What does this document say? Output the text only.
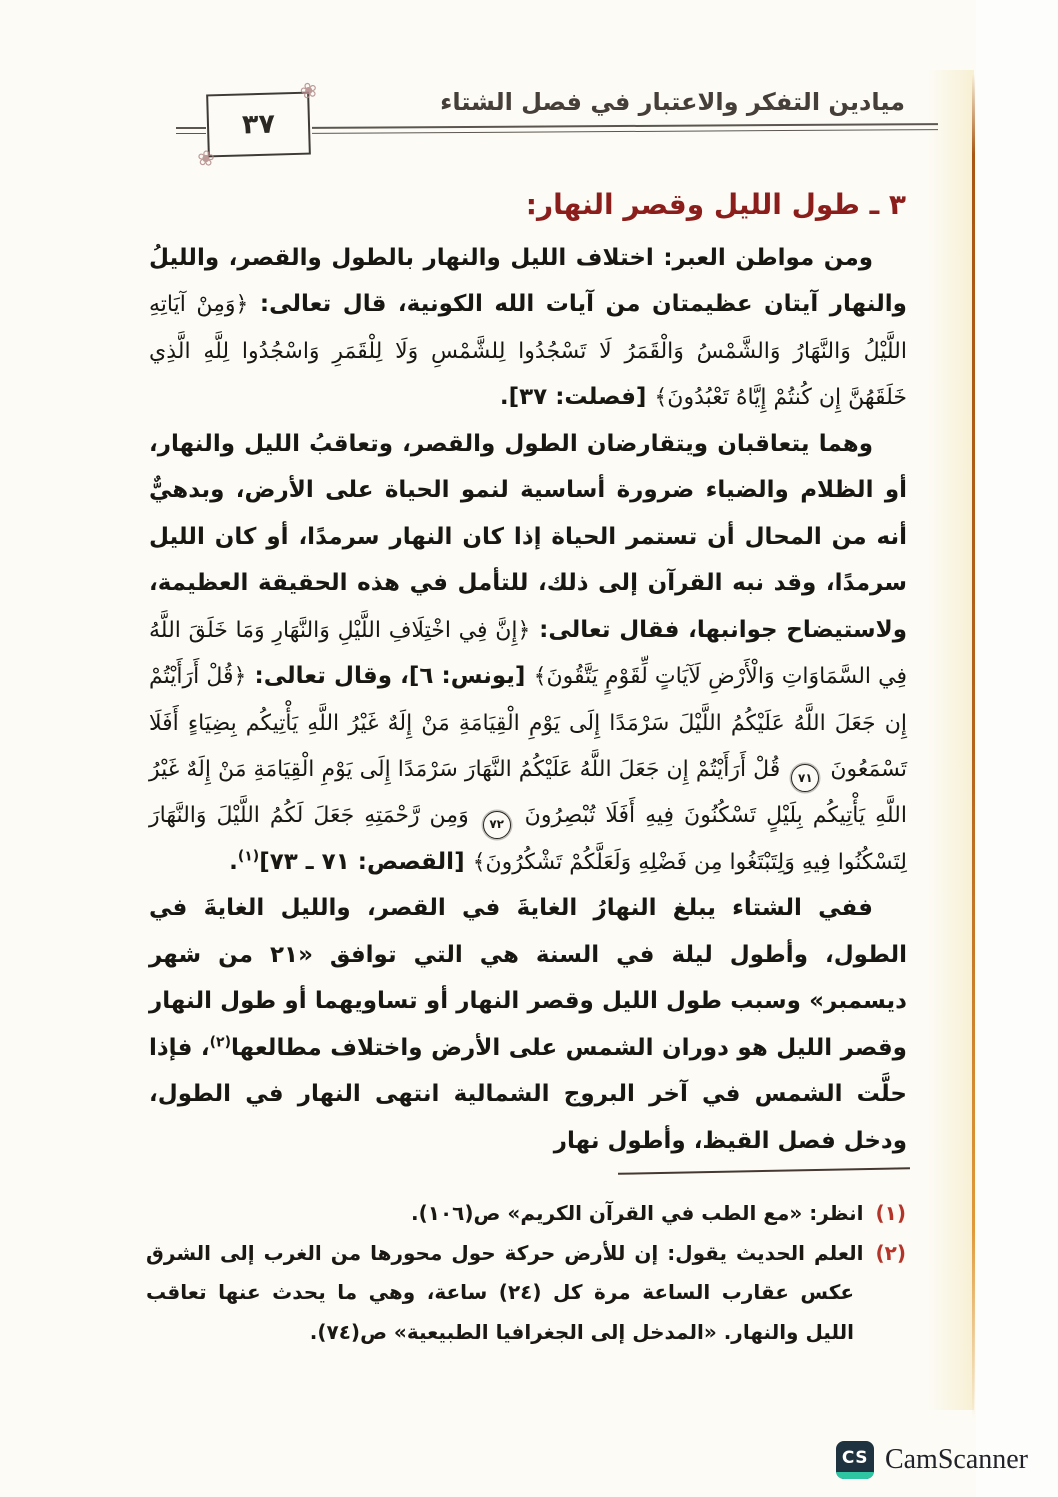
ميادين التفكر والاعتبار في فصل الشتاء
❀
٣٧
❀
٣ ـ طول الليل وقصر النهار:

ومن مواطن العبر: اختلاف الليل والنهار بالطول والقصر، والليلُ والنهار آيتان عظيمتان من آيات الله الكونية، قال تعالى: ﴿وَمِنْ آيَاتِهِ اللَّيْلُ وَالنَّهَارُ وَالشَّمْسُ وَالْقَمَرُ لَا تَسْجُدُوا لِلشَّمْسِ وَلَا لِلْقَمَرِ وَاسْجُدُوا لِلَّهِ الَّذِي خَلَقَهُنَّ إِن كُنتُمْ إِيَّاهُ تَعْبُدُونَ﴾ [فصلت: ٣٧].

وهما يتعاقبان ويتقارضان الطول والقصر، وتعاقبُ الليل والنهار، أو الظلام والضياء ضرورة أساسية لنمو الحياة على الأرض، وبدهيٌّ أنه من المحال أن تستمر الحياة إذا كان النهار سرمدًا، أو كان الليل سرمدًا، وقد نبه القرآن إلى ذلك، للتأمل في هذه الحقيقة العظيمة، ولاستيضاح جوانبها، فقال تعالى: ﴿إِنَّ فِي اخْتِلَافِ اللَّيْلِ وَالنَّهَارِ وَمَا خَلَقَ اللَّهُ فِي السَّمَاوَاتِ وَالْأَرْضِ لَآيَاتٍ لِّقَوْمٍ يَتَّقُونَ﴾ [يونس: ٦]، وقال تعالى: ﴿قُلْ أَرَأَيْتُمْ إِن جَعَلَ اللَّهُ عَلَيْكُمُ اللَّيْلَ سَرْمَدًا إِلَى يَوْمِ الْقِيَامَةِ مَنْ إِلَهٌ غَيْرُ اللَّهِ يَأْتِيكُم بِضِيَاءٍ أَفَلَا تَسْمَعُونَ ٧١ قُلْ أَرَأَيْتُمْ إِن جَعَلَ اللَّهُ عَلَيْكُمُ النَّهَارَ سَرْمَدًا إِلَى يَوْمِ الْقِيَامَةِ مَنْ إِلَهٌ غَيْرُ اللَّهِ يَأْتِيكُم بِلَيْلٍ تَسْكُنُونَ فِيهِ أَفَلَا تُبْصِرُونَ ٧٢ وَمِن رَّحْمَتِهِ جَعَلَ لَكُمُ اللَّيْلَ وَالنَّهَارَ لِتَسْكُنُوا فِيهِ وَلِتَبْتَغُوا مِن فَضْلِهِ وَلَعَلَّكُمْ تَشْكُرُونَ﴾ [القصص: ٧١ ـ ٧٣]$^{(١)}$.

ففي الشتاء يبلغ النهارُ الغايةَ في القصر، والليل الغايةَ في الطول، وأطول ليلة في السنة هي التي توافق «٢١ من شهر ديسمبر» وسبب طول الليل وقصر النهار أو تساويهما أو طول النهار وقصر الليل هو دوران الشمس على الأرض واختلاف مطالعها$^{(٢)}$، فإذا حلَّت الشمس في آخر البروج الشمالية انتهى النهار في الطول، ودخل فصل القيظ، وأطول نهار

(١)انظر: «مع الطب في القرآن الكريم» ص(١٠٦).
(٢)العلم الحديث يقول: إن للأرض حركة حول محورها من الغرب إلى الشرق عكس عقارب الساعة مرة كل (٢٤) ساعة، وهي ما يحدث عنها تعاقب الليل والنهار. «المدخل إلى الجغرافيا الطبيعية» ص(٧٤).
CS CamScanner
